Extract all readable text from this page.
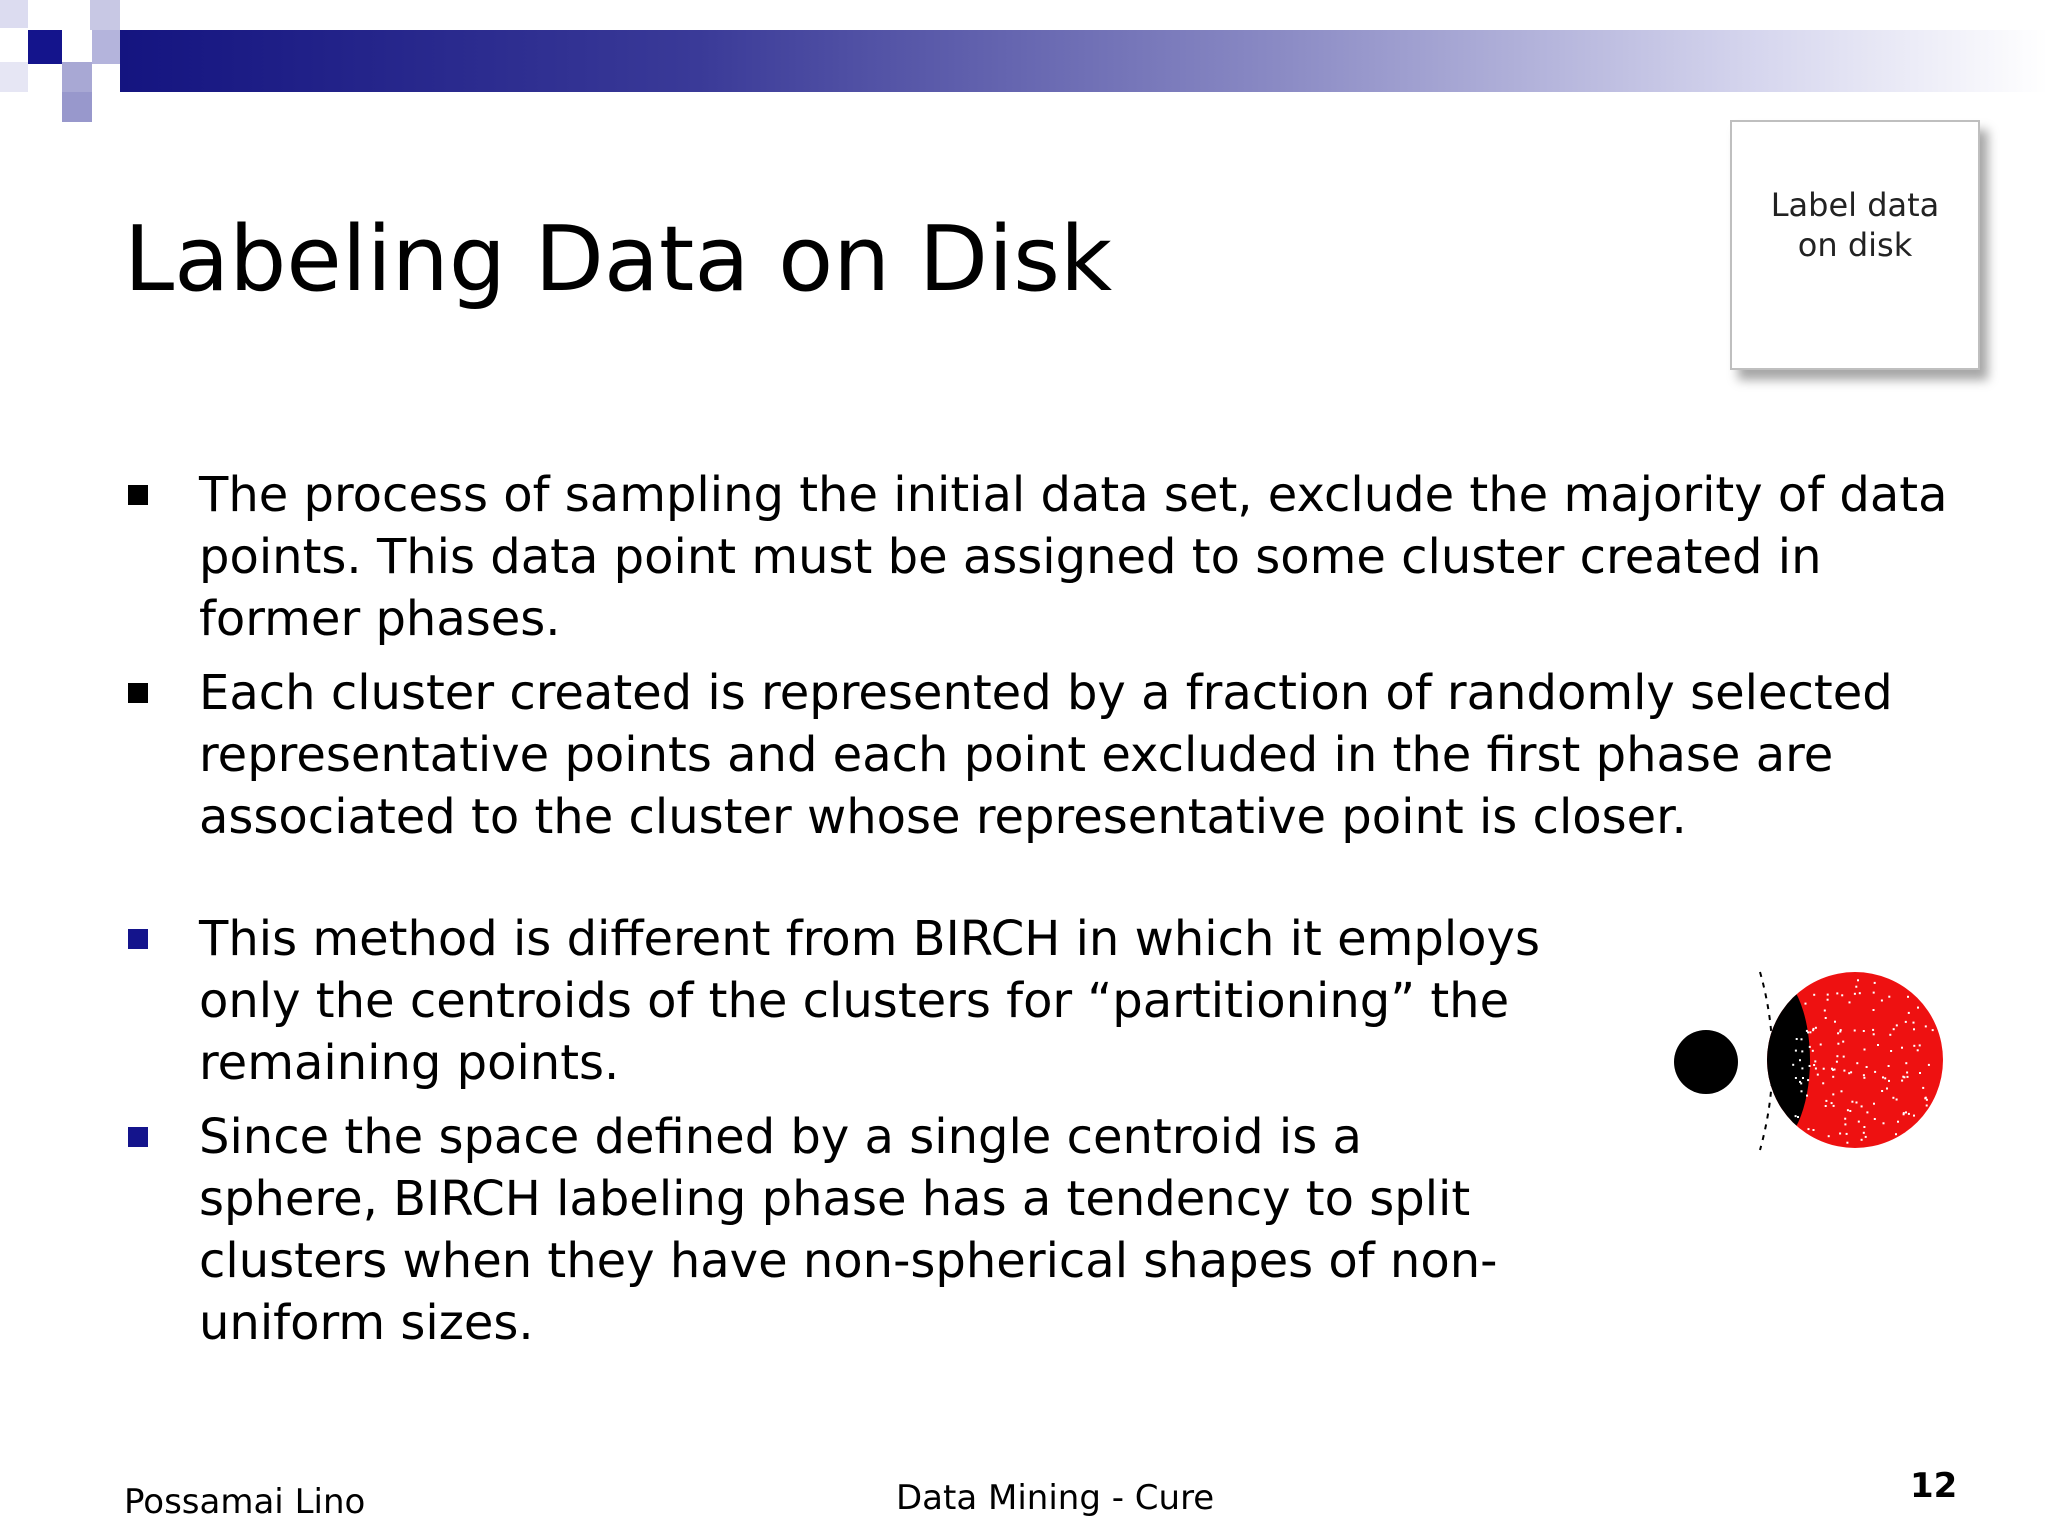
Labeling Data on Disk
Label data on disk
The process of sampling the initial data set, exclude the majority of data points. This data point must be assigned to some cluster created in former phases.
Each cluster created is represented by a fraction of randomly selected representative points and each point excluded in the first phase are associated to the cluster whose representative point is closer.
This method is different from BIRCH in which it employs only the centroids of the clusters for “partitioning” the remaining points.
Since the space defined by a single centroid is a sphere, BIRCH labeling phase has a tendency to split clusters when they have non-spherical shapes of non-uniform sizes.
Possamai Lino	Data Mining - Cure	12
